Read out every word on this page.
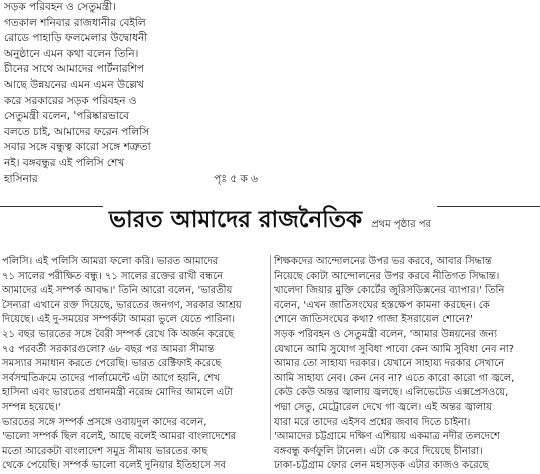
সড়ক পরিবহন ও সেতুমন্ত্রী।
গতকাল শনিবার রাজধানীর বেইলি
রোডে পাহাড়ি ফলমেলার উদ্বোধনী
অনুষ্ঠানে এমন কথা বলেন তিনি।
চীনের সাথে আমাদের পার্টনারশিপ
আছে উন্নয়নের এমন এমন উল্লেখ
করে সরকারের সড়ক পরিবহন ও
সেতুমন্ত্রী বলেন, 'পরিষ্কারভাবে
বলতে চাই, আমাদের ফরেন পলিসি
সবার সঙ্গে বন্ধুত্ব কারো সঙ্গে শত্রুতা
নই। বঙ্গবন্ধুর এই পলিসি শেখ
হাসিনার	পৃঃ ৫ ক ৬
ভারত আমাদের রাজনৈতিক প্রথম পৃষ্ঠার পর
পলিসি। এই পলিসি আমরা ফলো করি। ভারত আমাদের
৭১ সালের পরীক্ষিত বন্ধু। ৭১ সালের রক্তের রাখী বন্ধনে
আমাদের এই সম্পর্ক আবদ্ধ।' তিনি আরো বলেন, 'ভারতীয়
সৈন্যরা এখানে রক্ত দিয়েছে, ভারতের জনগণ, সরকার আশ্রয়
দিয়েছে। এই দু-সময়ের সম্পর্কটা আমরা ভুলে যেতে পারিনা।
২১ বছর ভারতের সঙ্গে বৈরী সম্পর্ক রেখে কি অর্জন করেছে
৭৫ পরবর্তী সরকারগুলো? ৬৮ বছর পর আমরা সীমান্ত
সমস্যার সমাধান করতে পেরেছি। ভারত রেক্টিফাই করেছে
সর্বসম্মতিক্রমে তাদের পার্লামেন্টে এটা আগে হয়নি, শেখ
হাসিনা এবং ভারতের প্রধানমন্ত্রী নরেন্দ্র মোদির আমলে এটা
সম্পন্ন হয়েছে।'
ভারতের সঙ্গে সম্পর্ক প্রসঙ্গে ওবায়দুল কাদের বলেন,
'ভালো সম্পর্ক ছিল বলেই, আছে বলেই আমরা বাংলাদেশের
মতো আরেকটা বাংলাদেশ সমুদ্র সীমায় ভারতের কাছ
থেকে পেয়েছি। সম্পর্ক ভালো বলেই দুনিয়ার ইতিহাসে সব
শিক্ষকদের আন্দোলনের উপর ভর করবে, আবার সিদ্ধান্ত
নিয়েছে কোটা আন্দোলনের উপর করবে নীতিগত সিদ্ধান্ত।
খালেদা জিয়ার মুক্তি কোর্টের জুরিসডিক্সনের ব্যাপার।' তিনি
বলেন, 'এখন জাতিসংঘের হস্তক্ষেপ কামনা করছেন। কে
শোনে জাতিসংঘের কথা? গাজা ইসরায়েল শোনে?'
সড়ক পরিবহন ও সেতুমন্ত্রী বলেন, 'আমার উন্নয়নের জন্য
যেখানে আমি সুযোগ সুবিধা পাবো কেন আমি সুবিধা নেব না?
আমার তো সাহায্য দরকার। যেখানে সাহায্য দরকার সেখানে
আমি সাহায্য নেব। কেন নেব না? এতে কারো কারো গা জ্বলে,
কেউ কেউ অন্তর জ্বালায় জ্বলছে। এলিভেটেড এক্সপ্রেসওয়ে,
পদ্মা সেতু, মেট্রোরেল দেখে গা জ্বলে। এই অন্তর জ্বালায়
যারা মরে তাদের এইসব প্রশ্নের জবাব দিতে চাইনা।
'আমাদের চট্টগ্রামে দক্ষিণ এশিয়ায় একমাত্র নদীর তলদেশে
বঙ্গবন্ধু কর্ণফুলি টানেল। এটা কে করে দিয়েছে চীনারা।
ঢাকা-চট্টগ্রাম ফোর লেন মহাসড়ক এটার কাজও করেছে
